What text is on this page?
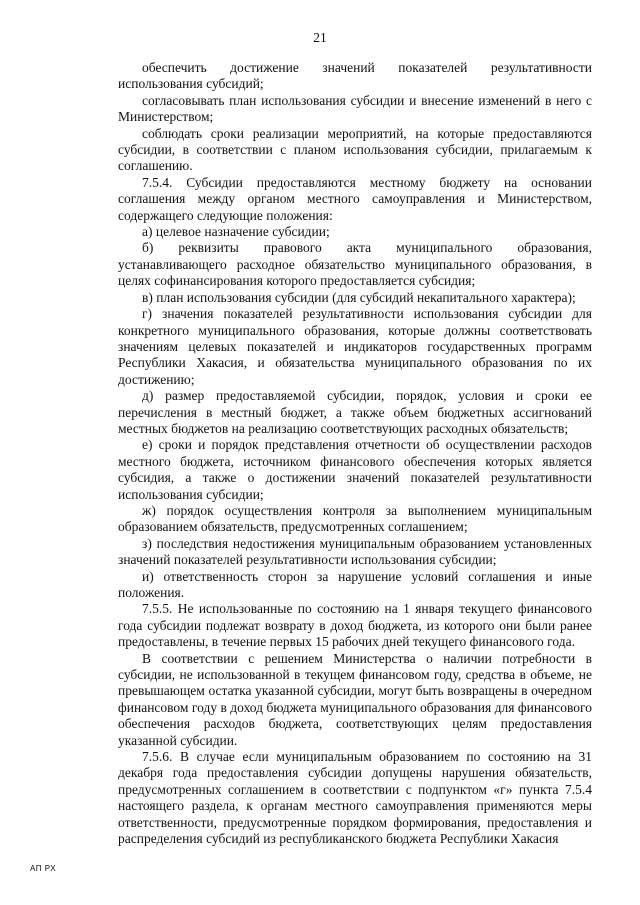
21

обеспечить достижение значений показателей результативности использования субсидий;

согласовывать план использования субсидии и внесение изменений в него с Министерством;

соблюдать сроки реализации мероприятий, на которые предоставляются субсидии, в соответствии с планом использования субсидии, прилагаемым к соглашению.

7.5.4. Субсидии предоставляются местному бюджету на основании соглашения между органом местного самоуправления и Министерством, содержащего следующие положения:

а) целевое назначение субсидии;

б) реквизиты правового акта муниципального образования, устанавливающего расходное обязательство муниципального образования, в целях софинансирования которого предоставляется субсидия;

в) план использования субсидии (для субсидий некапитального характера);

г) значения показателей результативности использования субсидии для конкретного муниципального образования, которые должны соответствовать значениям целевых показателей и индикаторов государственных программ Республики Хакасия, и обязательства муниципального образования по их достижению;

д) размер предоставляемой субсидии, порядок, условия и сроки ее перечисления в местный бюджет, а также объем бюджетных ассигнований местных бюджетов на реализацию соответствующих расходных обязательств;

е) сроки и порядок представления отчетности об осуществлении расходов местного бюджета, источником финансового обеспечения которых является субсидия, а также о достижении значений показателей результативности использования субсидии;

ж) порядок осуществления контроля за выполнением муниципальным образованием обязательств, предусмотренных соглашением;

з) последствия недостижения муниципальным образованием установленных значений показателей результативности использования субсидии;

и) ответственность сторон за нарушение условий соглашения и иные положения.

7.5.5. Не использованные по состоянию на 1 января текущего финансового года субсидии подлежат возврату в доход бюджета, из которого они были ранее предоставлены, в течение первых 15 рабочих дней текущего финансового года.

В соответствии с решением Министерства о наличии потребности в субсидии, не использованной в текущем финансовом году, средства в объеме, не превышающем остатка указанной субсидии, могут быть возвращены в очередном финансовом году в доход бюджета муниципального образования для финансового обеспечения расходов бюджета, соответствующих целям предоставления указанной субсидии.

7.5.6. В случае если муниципальным образованием по состоянию на 31 декабря года предоставления субсидии допущены нарушения обязательств, предусмотренных соглашением в соответствии с подпунктом «г» пункта 7.5.4 настоящего раздела, к органам местного самоуправления применяются меры ответственности, предусмотренные порядком формирования, предоставления и распределения субсидий из республиканского бюджета Республики Хакасия

АП РХ
